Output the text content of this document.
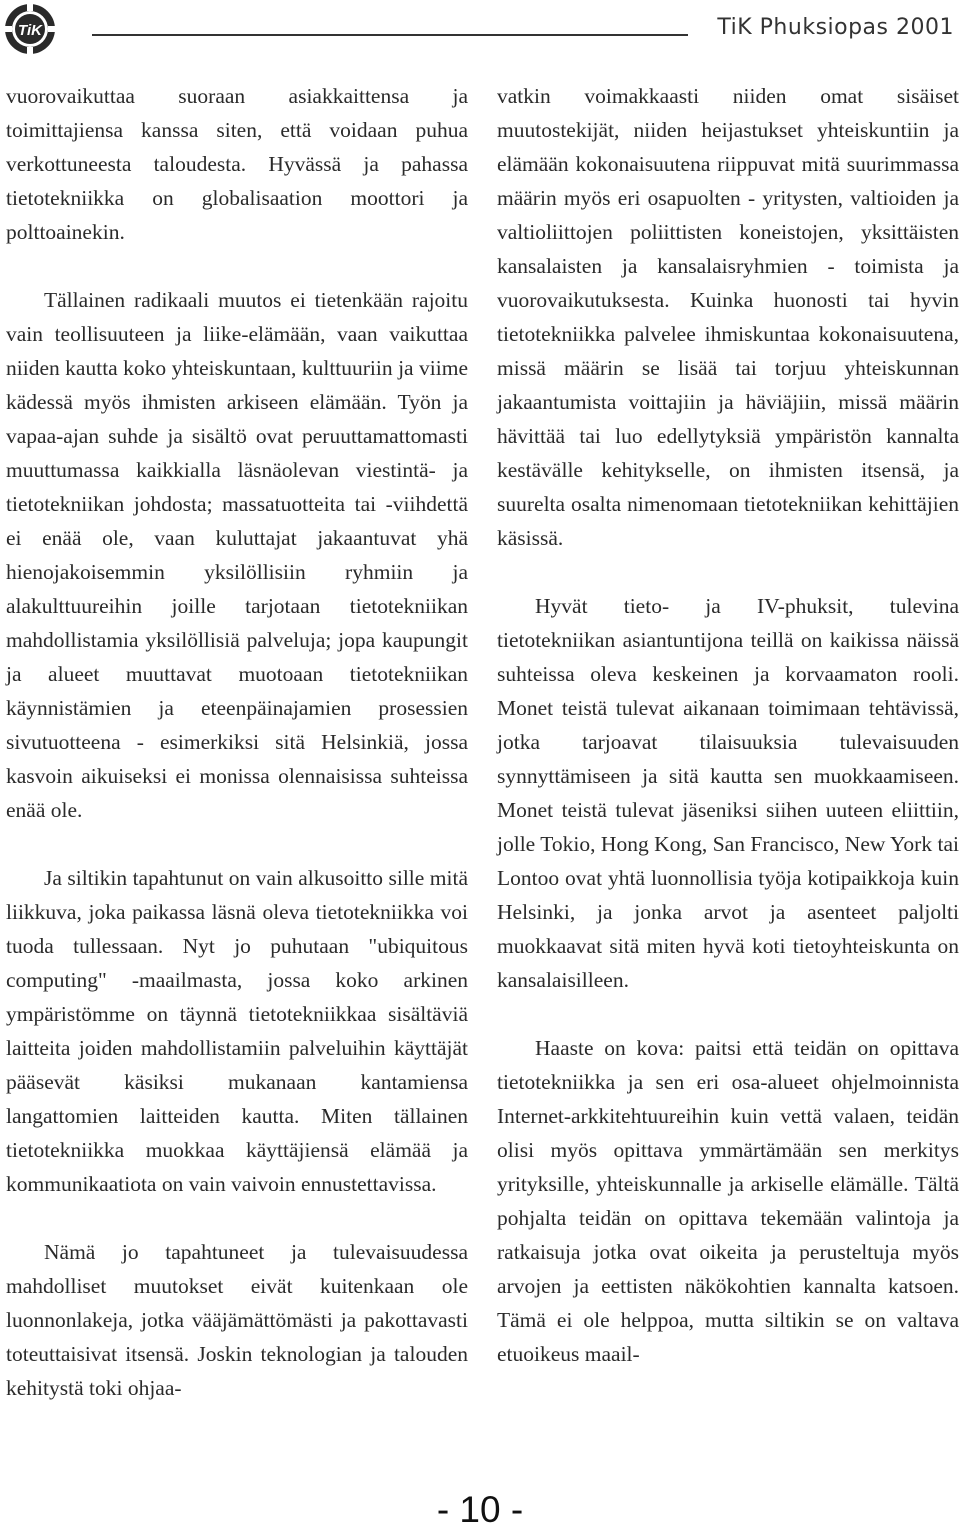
TiK	TiK Phuksiopas 2001

vuorovaikuttaa suoraan asiakkaittensa ja toimittajiensa kanssa siten, että voidaan puhua verkottuneesta taloudesta. Hyvässä ja pahassa tietotekniikka on globalisaation moottori ja polttoainekin.

Tällainen radikaali muutos ei tietenkään rajoitu vain teollisuuteen ja liike-elämään, vaan vaikuttaa niiden kautta koko yhteiskuntaan, kulttuuriin ja viime kädessä myös ihmisten arkiseen elämään. Työn ja vapaa-ajan suhde ja sisältö ovat peruuttamattomasti muuttumassa kaikkialla läsnäolevan viestintä- ja tietotekniikan johdosta; massatuotteita tai -viihdettä ei enää ole, vaan kuluttajat jakaantuvat yhä hienojakoisemmin yksilöllisiin ryhmiin ja alakulttuureihin joille tarjotaan tietotekniikan mahdollistamia yksilöllisiä palveluja; jopa kaupungit ja alueet muuttavat muotoaan tietotekniikan käynnistämien ja eteenpäinajamien prosessien sivutuotteena - esimerkiksi sitä Helsinkiä, jossa kasvoin aikuiseksi ei monissa olennaisissa suhteissa enää ole.

Ja siltikin tapahtunut on vain alkusoitto sille mitä liikkuva, joka paikassa läsnä oleva tietotekniikka voi tuoda tullessaan. Nyt jo puhutaan "ubiquitous computing" -maailmasta, jossa koko arkinen ympäristömme on täynnä tietotekniikkaa sisältäviä laitteita joiden mahdollistamiin palveluihin käyttäjät pääsevät käsiksi mukanaan kantamiensa langattomien laitteiden kautta. Miten tällainen tietotekniikka muokkaa käyttäjiensä elämää ja kommunikaatiota on vain vaivoin ennustettavissa.

Nämä jo tapahtuneet ja tulevaisuudessa mahdolliset muutokset eivät kuitenkaan ole luonnonlakeja, jotka vääjämättömästi ja pakottavasti toteuttaisivat itsensä. Joskin teknologian ja talouden kehitystä toki ohjaa-

vatkin voimakkaasti niiden omat sisäiset muutostekijät, niiden heijastukset yhteiskuntiin ja elämään kokonaisuutena riippuvat mitä suurimmassa määrin myös eri osapuolten - yritysten, valtioiden ja valtioliittojen poliittisten koneistojen, yksittäisten kansalaisten ja kansalaisryhmien - toimista ja vuorovaikutuksesta. Kuinka huonosti tai hyvin tietotekniikka palvelee ihmiskuntaa kokonaisuutena, missä määrin se lisää tai torjuu yhteiskunnan jakaantumista voittajiin ja häviäjiin, missä määrin hävittää tai luo edellytyksiä ympäristön kannalta kestävälle kehitykselle, on ihmisten itsensä, ja suurelta osalta nimenomaan tietotekniikan kehittäjien käsissä.

Hyvät tieto- ja IV-phuksit, tulevina tietotekniikan asiantuntijona teillä on kaikissa näissä suhteissa oleva keskeinen ja korvaamaton rooli. Monet teistä tulevat aikanaan toimimaan tehtävissä, jotka tarjoavat tilaisuuksia tulevaisuuden synnyttämiseen ja sitä kautta sen muokkaamiseen. Monet teistä tulevat jäseniksi siihen uuteen eliittiin, jolle Tokio, Hong Kong, San Francisco, New York tai Lontoo ovat yhtä luonnollisia työja kotipaikkoja kuin Helsinki, ja jonka arvot ja asenteet paljolti muokkaavat sitä miten hyvä koti tietoyhteiskunta on kansalaisilleen.

Haaste on kova: paitsi että teidän on opittava tietotekniikka ja sen eri osa-alueet ohjelmoinnista Internet-arkkitehtuureihin kuin vettä valaen, teidän olisi myös opittava ymmärtämään sen merkitys yrityksille, yhteiskunnalle ja arkiselle elämälle. Tältä pohjalta teidän on opittava tekemään valintoja ja ratkaisuja jotka ovat oikeita ja perusteltuja myös arvojen ja eettisten näkökohtien kannalta katsoen. Tämä ei ole helppoa, mutta siltikin se on valtava etuoikeus maail-

- 10 -
